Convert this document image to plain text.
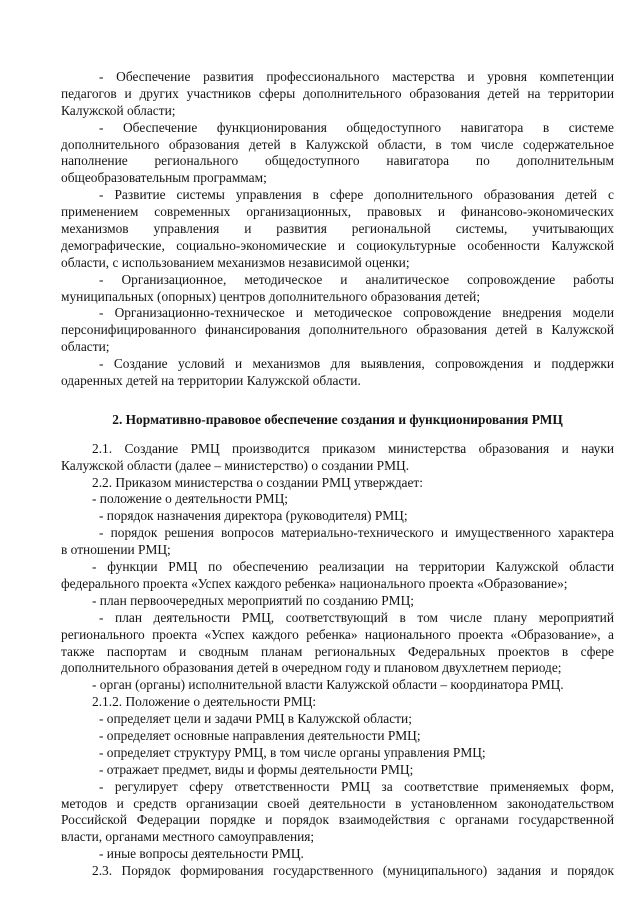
- Обеспечение развития профессионального мастерства и уровня компетенции
педагогов и других участников сферы дополнительного образования детей на территории
Калужской области;
- Обеспечение функционирования общедоступного навигатора в системе
дополнительного образования детей в Калужской области, в том числе содержательное
наполнение регионального общедоступного навигатора по дополнительным
общеобразовательным программам;
- Развитие системы управления в сфере дополнительного образования детей с
применением современных организационных, правовых и финансово-экономических
механизмов управления и развития региональной системы, учитывающих
демографические, социально-экономические и социокультурные особенности Калужской
области, с использованием механизмов независимой оценки;
- Организационное, методическое и аналитическое сопровождение работы
муниципальных (опорных) центров дополнительного образования детей;
- Организационно-техническое и методическое сопровождение внедрения модели
персонифицированного финансирования дополнительного образования детей в Калужской
области;
- Создание условий и механизмов для выявления, сопровождения и поддержки
одаренных детей на территории Калужской области.
2. Нормативно-правовое обеспечение создания и функционирования РМЦ
2.1. Создание РМЦ производится приказом министерства образования и науки
Калужской области (далее – министерство) о создании РМЦ.
2.2. Приказом министерства о создании РМЦ утверждает:
- положение о деятельности РМЦ;
- порядок назначения директора (руководителя) РМЦ;
- порядок решения вопросов материально-технического и имущественного характера
в отношении РМЦ;
- функции РМЦ по обеспечению реализации на территории Калужской области
федерального проекта «Успех каждого ребенка» национального проекта «Образование»;
- план первоочередных мероприятий по созданию РМЦ;
- план деятельности РМЦ, соответствующий в том числе плану мероприятий
регионального проекта «Успех каждого ребенка» национального проекта «Образование», а
также паспортам и сводным планам региональных Федеральных проектов в сфере
дополнительного образования детей в очередном году и плановом двухлетнем периоде;
- орган (органы) исполнительной власти Калужской области – координатора РМЦ.
2.1.2. Положение о деятельности РМЦ:
- определяет цели и задачи РМЦ в Калужской области;
- определяет основные направления деятельности РМЦ;
- определяет структуру РМЦ, в том числе органы управления РМЦ;
- отражает предмет, виды и формы деятельности РМЦ;
- регулирует сферу ответственности РМЦ за соответствие применяемых форм,
методов и средств организации своей деятельности в установленном законодательством
Российской Федерации порядке и порядок взаимодействия с органами государственной
власти, органами местного самоуправления;
- иные вопросы деятельности РМЦ.
2.3. Порядок формирования государственного (муниципального) задания и порядок
